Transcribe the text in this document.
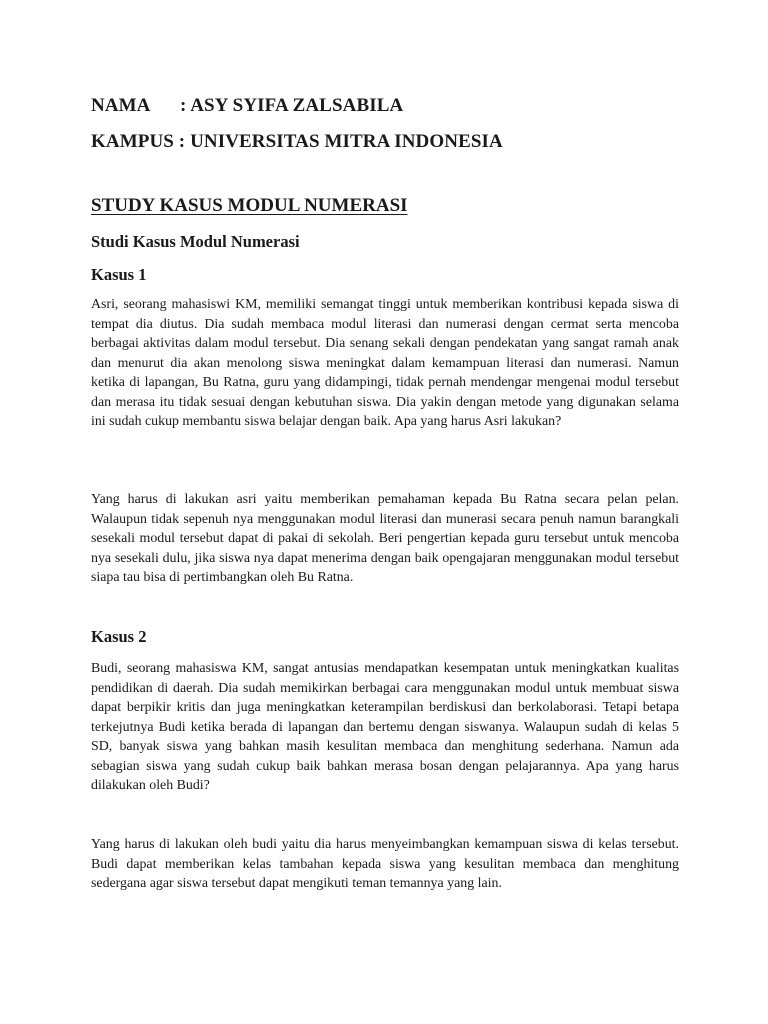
NAMA : ASY SYIFA ZALSABILA
KAMPUS : UNIVERSITAS MITRA INDONESIA
STUDY KASUS MODUL NUMERASI
Studi Kasus Modul Numerasi
Kasus 1

Asri, seorang mahasiswi KM, memiliki semangat tinggi untuk memberikan kontribusi kepada siswa di tempat dia diutus. Dia sudah membaca modul literasi dan numerasi dengan cermat serta mencoba berbagai aktivitas dalam modul tersebut. Dia senang sekali dengan pendekatan yang sangat ramah anak dan menurut dia akan menolong siswa meningkat dalam kemampuan literasi dan numerasi. Namun ketika di lapangan, Bu Ratna, guru yang didampingi, tidak pernah mendengar mengenai modul tersebut dan merasa itu tidak sesuai dengan kebutuhan siswa. Dia yakin dengan metode yang digunakan selama ini sudah cukup membantu siswa belajar dengan baik. Apa yang harus Asri lakukan?

Yang harus di lakukan asri yaitu memberikan pemahaman kepada Bu Ratna secara pelan pelan. Walaupun tidak sepenuh nya menggunakan modul literasi dan munerasi secara penuh namun barangkali sesekali modul tersebut dapat di pakai di sekolah. Beri pengertian kepada guru tersebut untuk mencoba nya sesekali dulu, jika siswa nya dapat menerima dengan baik opengajaran menggunakan modul tersebut siapa tau bisa di pertimbangkan oleh Bu Ratna.

Kasus 2

Budi, seorang mahasiswa KM, sangat antusias mendapatkan kesempatan untuk meningkatkan kualitas pendidikan di daerah. Dia sudah memikirkan berbagai cara menggunakan modul untuk membuat siswa dapat berpikir kritis dan juga meningkatkan keterampilan berdiskusi dan berkolaborasi. Tetapi betapa terkejutnya Budi ketika berada di lapangan dan bertemu dengan siswanya. Walaupun sudah di kelas 5 SD, banyak siswa yang bahkan masih kesulitan membaca dan menghitung sederhana. Namun ada sebagian siswa yang sudah cukup baik bahkan merasa bosan dengan pelajarannya. Apa yang harus dilakukan oleh Budi?

Yang harus di lakukan oleh budi yaitu dia harus menyeimbangkan kemampuan siswa di kelas tersebut. Budi dapat memberikan kelas tambahan kepada siswa yang kesulitan membaca dan menghitung sedergana agar siswa tersebut dapat mengikuti teman temannya yang lain.
